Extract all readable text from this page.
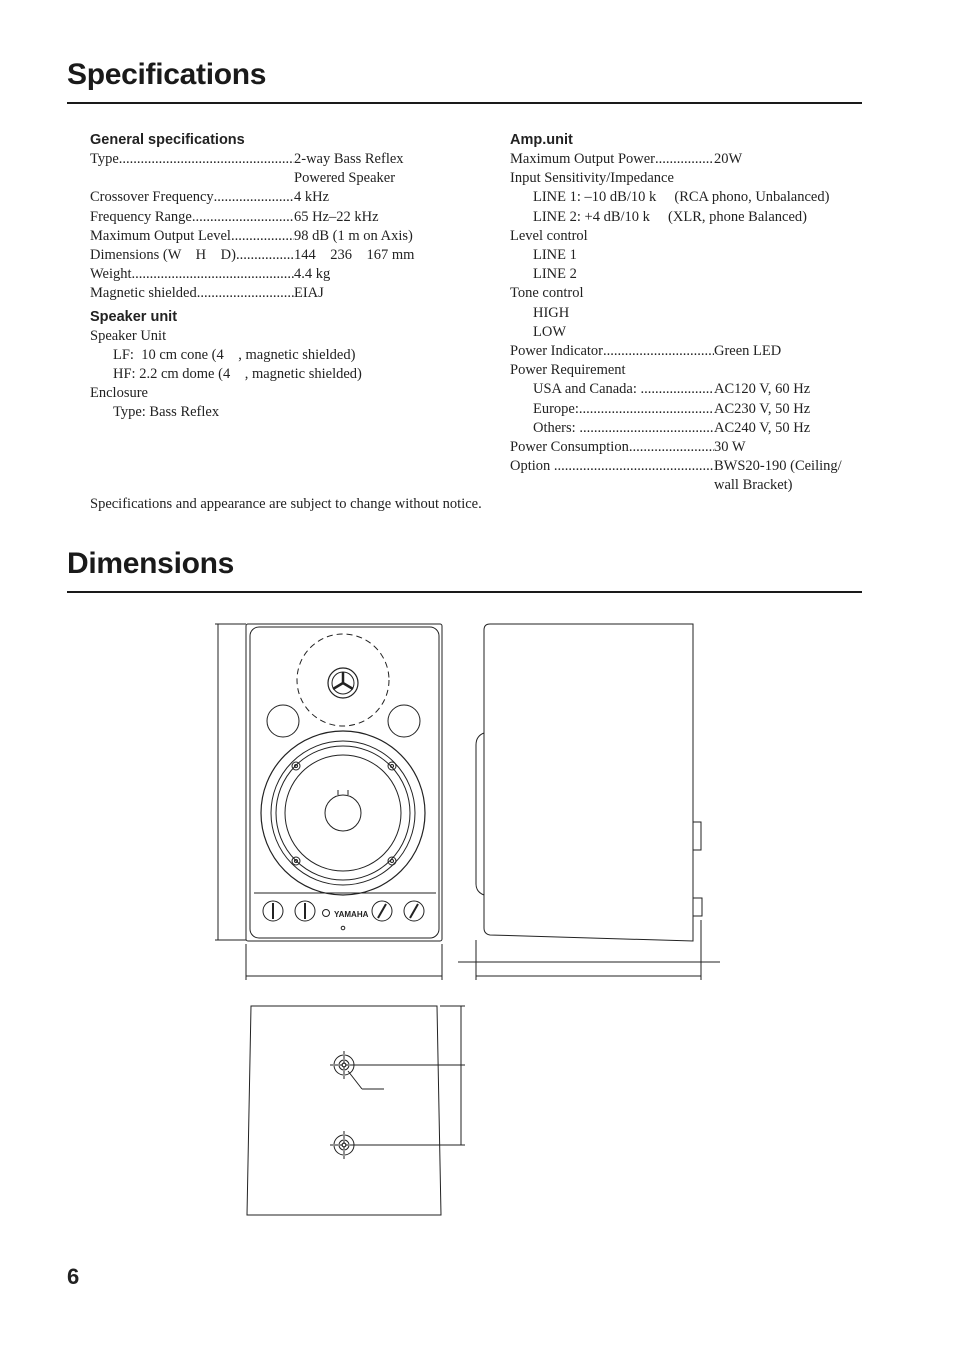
Specifications
General specifications
Type .....	2-way Bass Reflex
Powered Speaker
Crossover Frequency .....	4 kHz
Frequency Range .....	65 Hz–22 kHz
Maximum Output Level .....	98 dB (1 m on Axis)
Dimensions (W    H    D) .....	144    236    167 mm
Weight .....	4.4 kg
Magnetic shielded .....	EIAJ
Speaker unit
Speaker Unit
LF:  10 cm cone (4    , magnetic shielded)
HF: 2.2 cm dome (4    , magnetic shielded)
Enclosure
Type: Bass Reflex
Amp.unit
Maximum Output Power .....	20W
Input Sensitivity/Impedance
LINE 1: –10 dB/10 k     (RCA phono, Unbalanced)
LINE 2: +4 dB/10 k     (XLR, phone Balanced)
Level control
LINE 1
LINE 2
Tone control
HIGH
LOW
Power Indicator .....	Green LED
Power Requirement
USA and Canada: .....	AC120 V, 60 Hz
Europe: .....	AC230 V, 50 Hz
Others: .....	AC240 V, 50 Hz
Power Consumption .....	30 W
Option .....	BWS20-190 (Ceiling/
wall Bracket)
Specifications and appearance are subject to change without notice.
Dimensions
YAMAHA
6
